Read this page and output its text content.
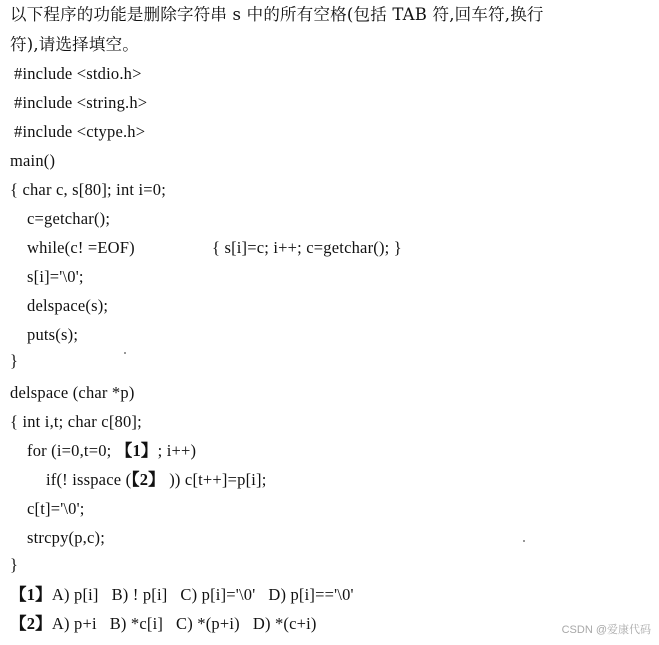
以下程序的功能是删除字符串 s 中的所有空格(包括 TAB 符,回车符,换行
符),请选择填空。
#include <stdio.h>
#include <string.h>
#include <ctype.h>
main()
{ char c, s[80]; int i=0;
c=getchar();
while(c! =EOF)	{ s[i]=c; i++; c=getchar(); }
s[i]='\0';
delspace(s);
puts(s);
}
delspace (char *p)
{ int i,t; char c[80];
for (i=0,t=0; 【1】; i++)
if(! isspace (【2】 )) c[t++]=p[i];
c[t]='\0';
strcpy(p,c);
}
【1】A) p[i]   B) ! p[i]   C) p[i]='\0'   D) p[i]=='\0'
【2】A) p+i   B) *c[i]   C) *(p+i)   D) *(c+i)	CSDN @爱康代码
